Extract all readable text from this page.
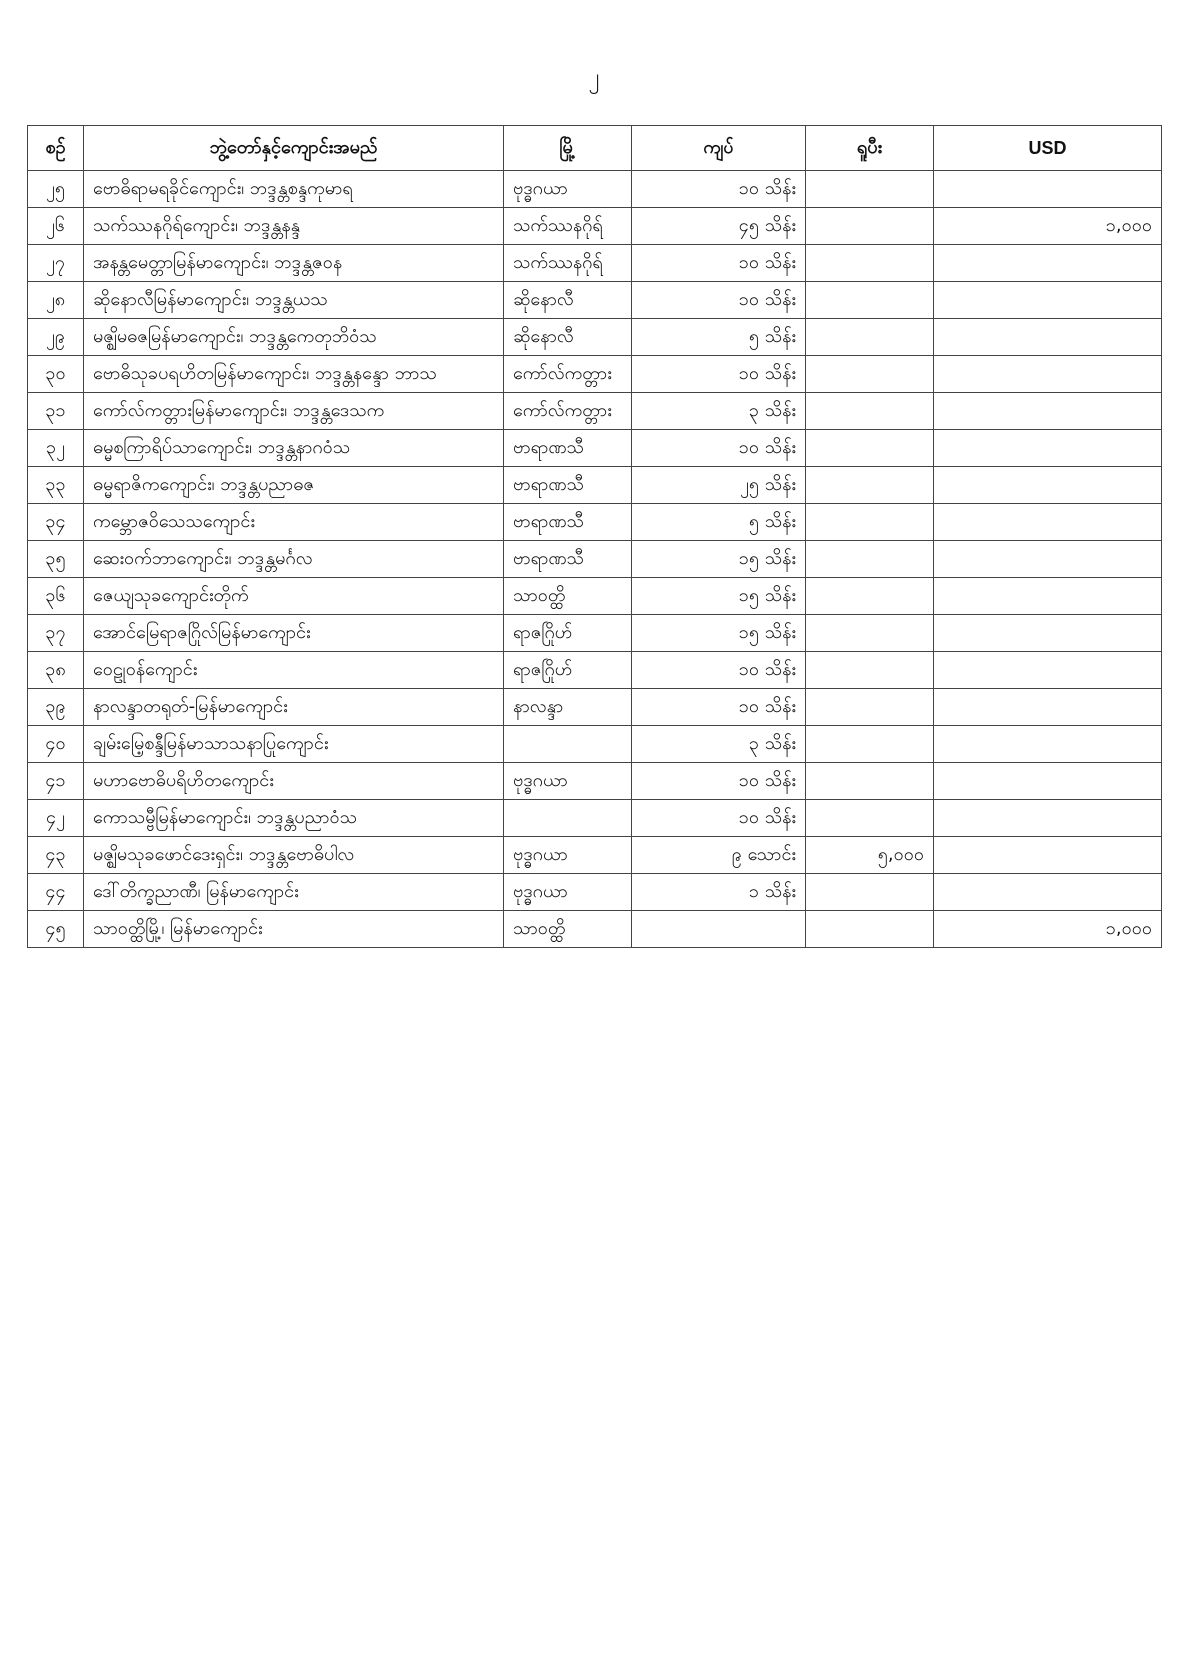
၂
စဉ်	ဘွဲ့တော်နှင့်ကျောင်းအမည်	မြို့	ကျပ်	ရူပီး	USD
၂၅	ဗောဓိရာမရခိုင်ကျောင်း၊ ဘဒ္ဒန္တစန္ဒကုမာရ	ဗုဒ္ဓဂယာ	၁၀ သိန်း		
၂၆	သက်ဿနဂိုရ်ကျောင်း၊ ဘဒ္ဒန္တနန္ဒ	သက်ဿနဂိုရ်	၄၅ သိန်း		၁,၀၀၀
၂၇	အနန္တမေတ္တာမြန်မာကျောင်း၊ ဘဒ္ဒန္တဇဝန	သက်ဿနဂိုရ်	၁၀ သိန်း		
၂၈	ဆိုနောလီမြန်မာကျောင်း၊ ဘဒ္ဒန္တယသ	ဆိုနောလီ	၁၀ သိန်း		
၂၉	မဇ္ဈိမဓဇမြန်မာကျောင်း၊ ဘဒ္ဒန္တကေတုဘိဝံသ	ဆိုနောလီ	၅ သိန်း		
၃၀	ဗောဓိသုခပရဟိတမြန်မာကျောင်း၊ ဘဒ္ဒန္တနန္ဒော ဘာသ	ကော်လ်ကတ္တား	၁၀ သိန်း		
၃၁	ကော်လ်ကတ္တားမြန်မာကျောင်း၊ ဘဒ္ဒန္တဒေသက	ကော်လ်ကတ္တား	၃ သိန်း		
၃၂	ဓမ္မစကြာရိပ်သာကျောင်း၊ ဘဒ္ဒန္တနာဂဝံသ	ဗာရာဏသီ	၁၀ သိန်း		
၃၃	ဓမ္မရာဇိကကျောင်း၊ ဘဒ္ဒန္တပညာဓဇ	ဗာရာဏသီ	၂၅ သိန်း		
၃၄	ကမ္ဘောဇဝိသေသကျောင်း	ဗာရာဏသီ	၅ သိန်း		
၃၅	ဆေးဝက်ဘာကျောင်း၊ ဘဒ္ဒန္တမင်္ဂလ	ဗာရာဏသီ	၁၅ သိန်း		
၃၆	ဇေယျသုခကျောင်းတိုက်	သာဝတ္ထိ	၁၅ သိန်း		
၃၇	အောင်မြေရာဇဂြိုလ်မြန်မာကျောင်း	ရာဇဂြိုဟ်	၁၅ သိန်း		
၃၈	ဝေဠုဝန်ကျောင်း	ရာဇဂြိုဟ်	၁၀ သိန်း		
၃၉	နာလန္ဒာတရုတ်-မြန်မာကျောင်း	နာလန္ဒာ	၁၀ သိန်း		
၄၀	ချမ်းမြေ့စန္ဒီမြန်မာသာသနာပြုကျောင်း		၃ သိန်း		
၄၁	မဟာဗောဓိပရိဟိတကျောင်း	ဗုဒ္ဓဂယာ	၁၀ သိန်း		
၄၂	ကောသမ္ဗီမြန်မာကျောင်း၊ ဘဒ္ဒန္တပညာဝံသ		၁၀ သိန်း		
၄၃	မဇ္ဈိမသုခဖောင်ဒေးရှင်း၊ ဘဒ္ဒန္တဗောဓိပါလ	ဗုဒ္ဓဂယာ	၉ သောင်း	၅,၀၀၀	
၄၄	ဒေါ်တိက္ခညာဏီ၊ မြန်မာကျောင်း	ဗုဒ္ဓဂယာ	၁ သိန်း		
၄၅	သာဝတ္ထိမြို့၊ မြန်မာကျောင်း	သာဝတ္ထိ			၁,၀၀၀
